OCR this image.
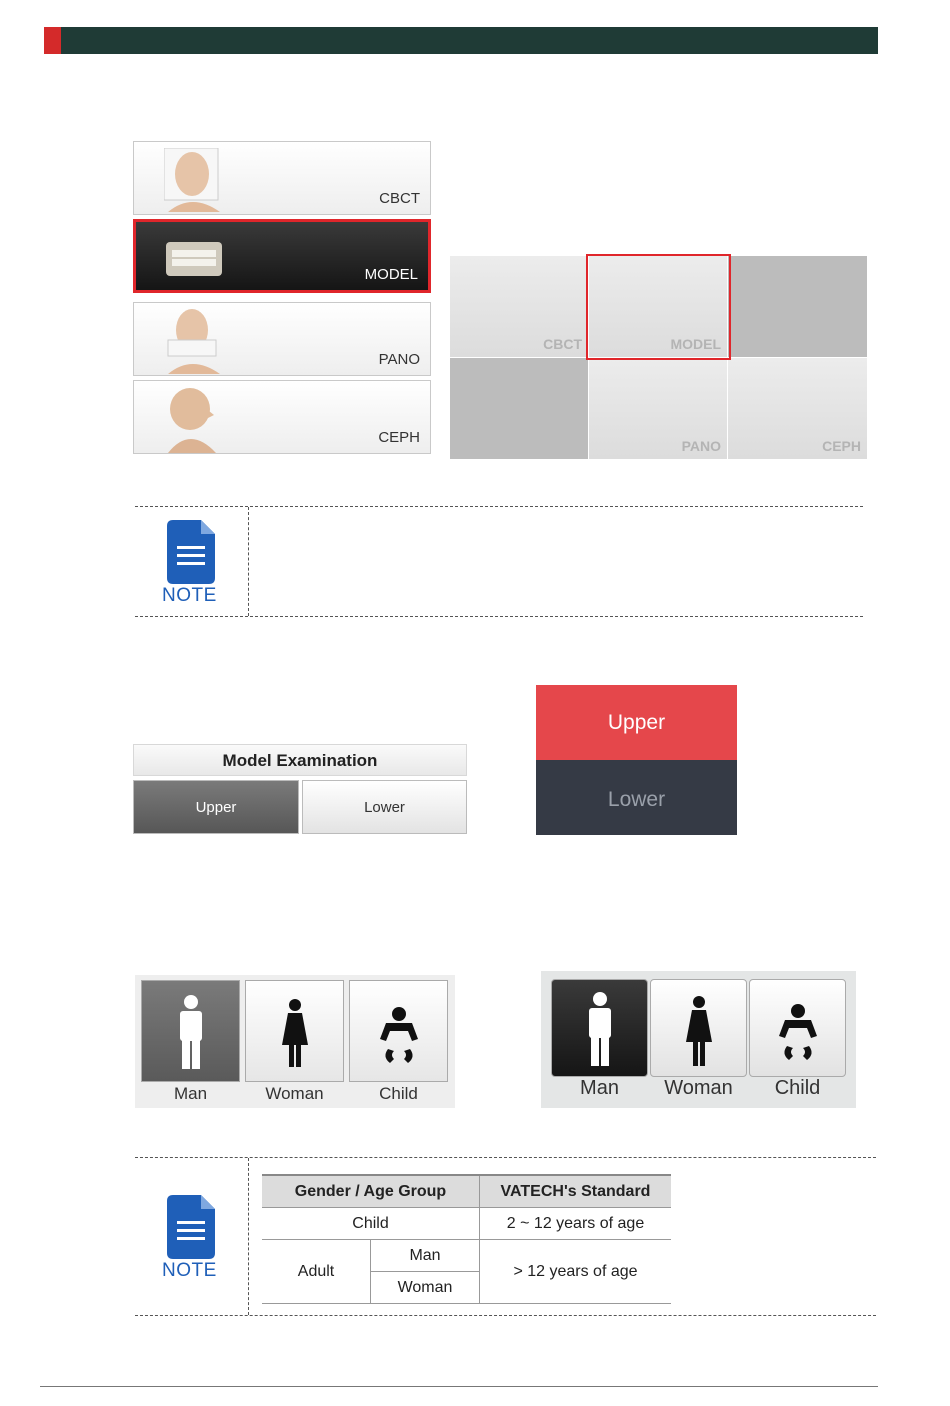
CBCT
MODEL
PANO
CEPH
CBCT	MODEL
PANO	CEPH
NOTE
Model Examination
Upper	Lower
Upper
Lower
Man	Woman	Child	Man	Woman	Child
NOTE
Gender / Age Group		VATECH's Standard
Child		2 ~ 12 years of age
Adult	Man	> 12 years of age
	Woman	
